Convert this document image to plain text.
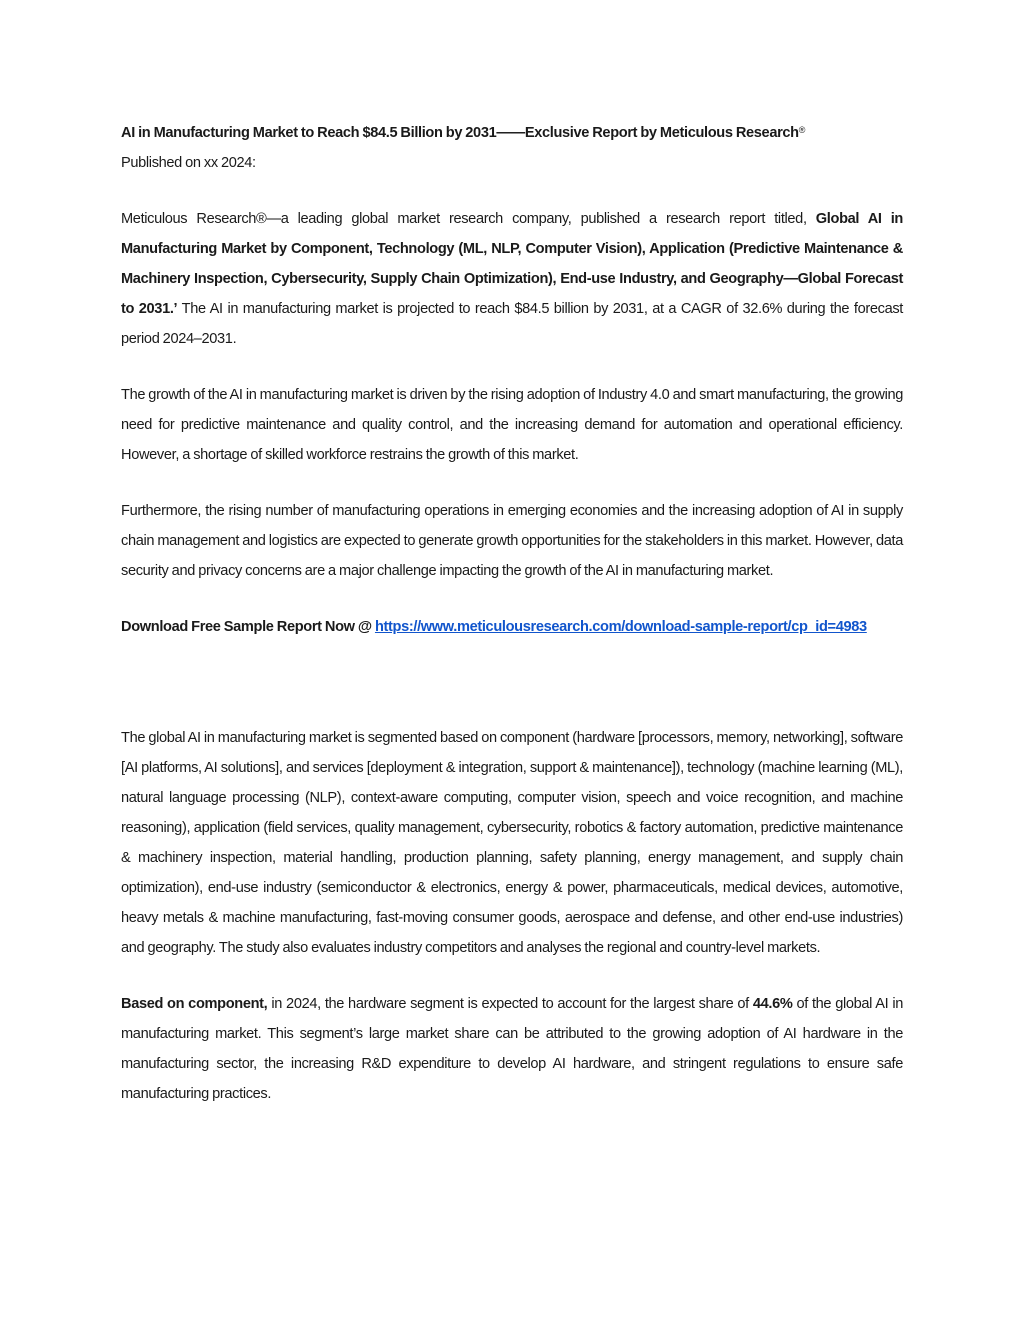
AI in Manufacturing Market to Reach $84.5 Billion by 2031——Exclusive Report by Meticulous Research®

Published on xx 2024:

Meticulous Research®—a leading global market research company, published a research report titled, Global AI in Manufacturing Market by Component, Technology (ML, NLP, Computer Vision), Application (Predictive Maintenance & Machinery Inspection, Cybersecurity, Supply Chain Optimization), End-use Industry, and Geography—Global Forecast to 2031.’ The AI in manufacturing market is projected to reach $84.5 billion by 2031, at a CAGR of 32.6% during the forecast period 2024–2031.

The growth of the AI in manufacturing market is driven by the rising adoption of Industry 4.0 and smart manufacturing, the growing need for predictive maintenance and quality control, and the increasing demand for automation and operational efficiency. However, a shortage of skilled workforce restrains the growth of this market.

Furthermore, the rising number of manufacturing operations in emerging economies and the increasing adoption of AI in supply chain management and logistics are expected to generate growth opportunities for the stakeholders in this market. However, data security and privacy concerns are a major challenge impacting the growth of the AI in manufacturing market.

Download Free Sample Report Now @ https://www.meticulousresearch.com/download-sample-report/cp_id=4983

The global AI in manufacturing market is segmented based on component (hardware [processors, memory, networking], software [AI platforms, AI solutions], and services [deployment & integration, support & maintenance]), technology (machine learning (ML), natural language processing (NLP), context-aware computing, computer vision, speech and voice recognition, and machine reasoning), application (field services, quality management, cybersecurity, robotics & factory automation, predictive maintenance & machinery inspection, material handling, production planning, safety planning, energy management, and supply chain optimization), end-use industry (semiconductor & electronics, energy & power, pharmaceuticals, medical devices, automotive, heavy metals & machine manufacturing, fast-moving consumer goods, aerospace and defense, and other end-use industries) and geography. The study also evaluates industry competitors and analyses the regional and country-level markets.

Based on component, in 2024, the hardware segment is expected to account for the largest share of 44.6% of the global AI in manufacturing market. This segment’s large market share can be attributed to the growing adoption of AI hardware in the manufacturing sector, the increasing R&D expenditure to develop AI hardware, and stringent regulations to ensure safe manufacturing practices.
